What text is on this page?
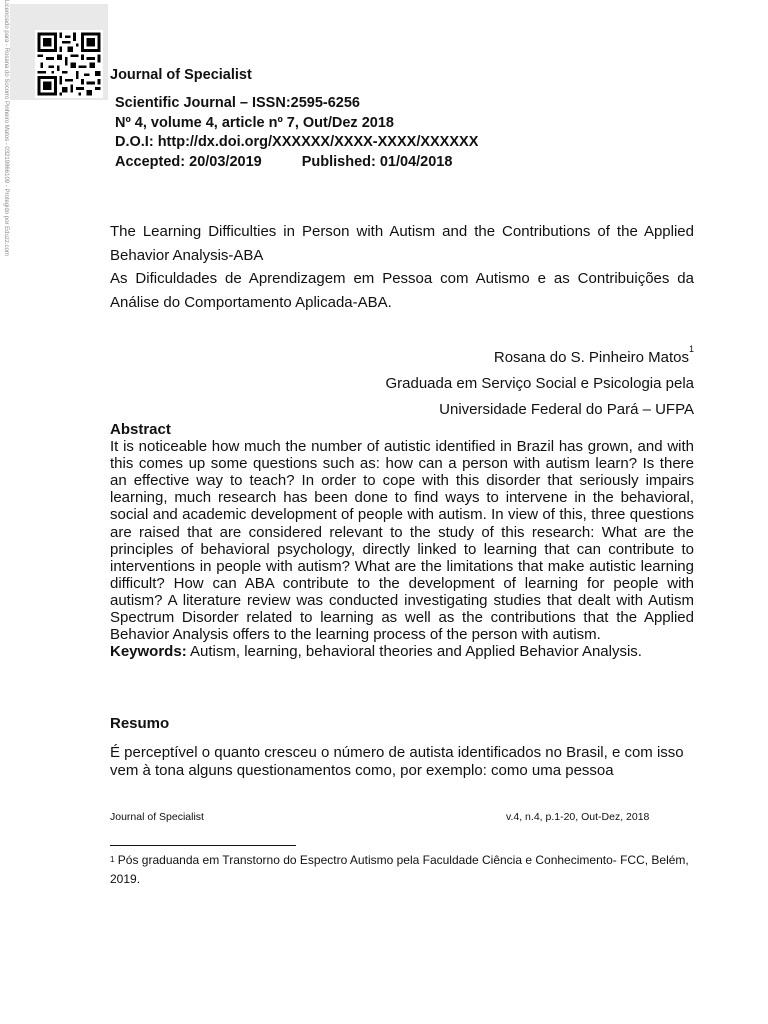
Licenciado para - Rosana do Socorro Pinheiro Matos - 03219866109 - Protegido por Eduzz.com	Journal of Specialist
Scientific Journal – ISSN:2595-6256
Nº 4, volume 4, article nº 7, Out/Dez 2018
D.O.I: http://dx.doi.org/XXXXXX/XXXX-XXXX/XXXXXX
Accepted: 20/03/2019	Published: 01/04/2018
The Learning Difficulties in Person with Autism and the Contributions of the Applied Behavior Analysis-ABA
As Dificuldades de Aprendizagem em Pessoa com Autismo e as Contribuições da Análise do Comportamento Aplicada-ABA.
Rosana do S. Pinheiro Matos$^1$
Graduada em Serviço Social e Psicologia pela
Universidade Federal do Pará – UFPA
Abstract
It is noticeable how much the number of autistic identified in Brazil has grown, and with this comes up some questions such as: how can a person with autism learn? Is there an effective way to teach? In order to cope with this disorder that seriously impairs learning, much research has been done to find ways to intervene in the behavioral, social and academic development of people with autism. In view of this, three questions are raised that are considered relevant to the study of this research: What are the principles of behavioral psychology, directly linked to learning that can contribute to interventions in people with autism? What are the limitations that make autistic learning difficult? How can ABA contribute to the development of learning for people with autism? A literature review was conducted investigating studies that dealt with Autism Spectrum Disorder related to learning as well as the contributions that the Applied Behavior Analysis offers to the learning process of the person with autism.
Keywords: Autism, learning, behavioral theories and Applied Behavior Analysis.
Resumo
É perceptível o quanto cresceu o número de autista identificados no Brasil, e com isso vem à tona alguns questionamentos como, por exemplo: como uma pessoa
Journal of Specialist	v.4, n.4, p.1-20, Out-Dez, 2018
$^1$ Pós graduanda em Transtorno do Espectro Autismo pela Faculdade Ciência e Conhecimento- FCC, Belém, 2019.
